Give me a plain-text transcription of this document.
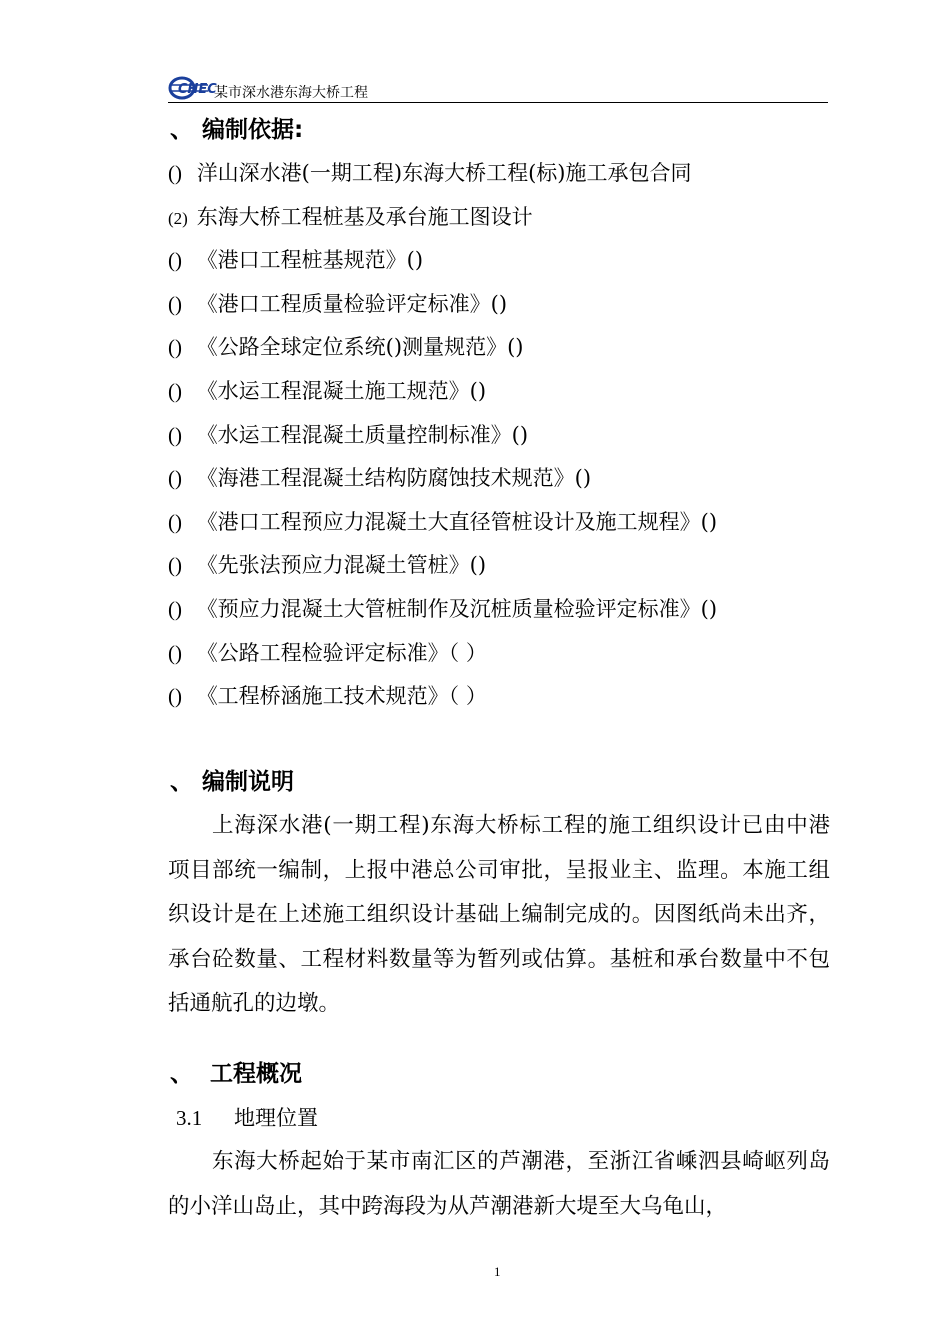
CHEC
某市深水港东海大桥工程
、 编制依据:
() 洋山深水港(一期工程)东海大桥工程(标)施工承包合同
(2) 东海大桥工程桩基及承台施工图设计
() 《港口工程桩基规范》()
() 《港口工程质量检验评定标准》()
() 《公路全球定位系统()测量规范》()
() 《水运工程混凝土施工规范》()
() 《水运工程混凝土质量控制标准》()
() 《海港工程混凝土结构防腐蚀技术规范》()
() 《港口工程预应力混凝土大直径管桩设计及施工规程》()
() 《先张法预应力混凝土管桩》()
() 《预应力混凝土大管桩制作及沉桩质量检验评定标准》()
() 《公路工程检验评定标准》（ ）
() 《工程桥涵施工技术规范》（ ）
、 编制说明

上海深水港(一期工程)东海大桥标工程的施工组织设计已由中港项目部统一编制，上报中港总公司审批，呈报业主、监理。本施工组织设计是在上述施工组织设计基础上编制完成的。因图纸尚未出齐，承台砼数量、工程材料数量等为暂列或估算。基桩和承台数量中不包括通航孔的边墩。

、 工程概况
3.1 地理位置

东海大桥起始于某市南汇区的芦潮港，至浙江省嵊泗县崎岖列岛的小洋山岛止，其中跨海段为从芦潮港新大堤至大乌龟山，

1
